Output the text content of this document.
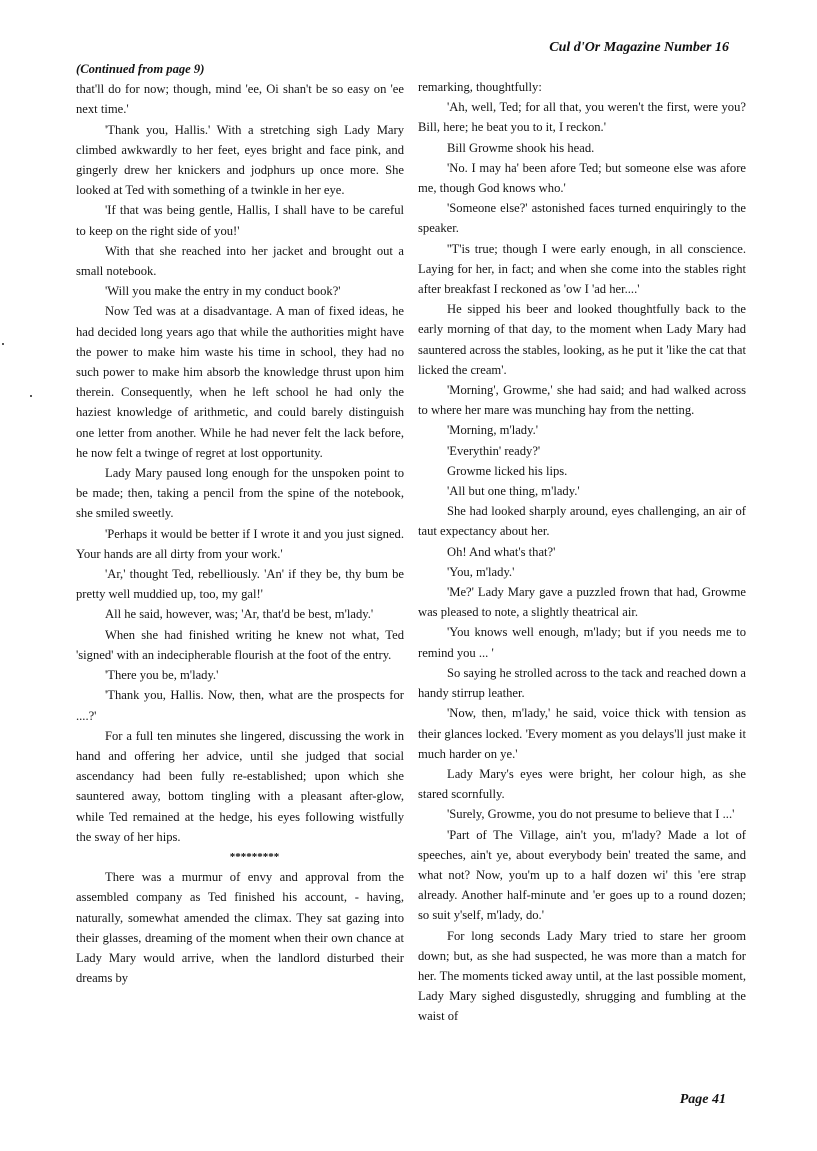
Cul d'Or Magazine Number 16
(Continued from page 9)

that'll do for now; though, mind 'ee, Oi shan't be so easy on 'ee next time.'

'Thank you, Hallis.' With a stretching sigh Lady Mary climbed awkwardly to her feet, eyes bright and face pink, and gingerly drew her knickers and jodphurs up once more. She looked at Ted with something of a twinkle in her eye.

'If that was being gentle, Hallis, I shall have to be careful to keep on the right side of you!'

With that she reached into her jacket and brought out a small notebook.

'Will you make the entry in my conduct book?'

Now Ted was at a disadvantage. A man of fixed ideas, he had decided long years ago that while the authorities might have the power to make him waste his time in school, they had no such power to make him absorb the knowledge thrust upon him therein. Consequently, when he left school he had only the haziest knowledge of arithmetic, and could barely distinguish one letter from another. While he had never felt the lack before, he now felt a twinge of regret at lost opportunity.

Lady Mary paused long enough for the unspoken point to be made; then, taking a pencil from the spine of the notebook, she smiled sweetly.

'Perhaps it would be better if I wrote it and you just signed. Your hands are all dirty from your work.'

'Ar,' thought Ted, rebelliously. 'An' if they be, thy bum be pretty well muddied up, too, my gal!'

All he said, however, was; 'Ar, that'd be best, m'lady.'

When she had finished writing he knew not what, Ted 'signed' with an indecipherable flourish at the foot of the entry.

'There you be, m'lady.'

'Thank you, Hallis. Now, then, what are the prospects for ....?'

For a full ten minutes she lingered, discussing the work in hand and offering her advice, until she judged that social ascendancy had been fully re-established; upon which she sauntered away, bottom tingling with a pleasant after-glow, while Ted remained at the hedge, his eyes following wistfully the sway of her hips.

*********

There was a murmur of envy and approval from the assembled company as Ted finished his account, - having, naturally, somewhat amended the climax. They sat gazing into their glasses, dreaming of the moment when their own chance at Lady Mary would arrive, when the landlord disturbed their dreams by

remarking, thoughtfully:

'Ah, well, Ted; for all that, you weren't the first, were you? Bill, here; he beat you to it, I reckon.'

Bill Growme shook his head.

'No. I may ha' been afore Ted; but someone else was afore me, though God knows who.'

'Someone else?' astonished faces turned enquiringly to the speaker.

''T'is true; though I were early enough, in all conscience. Laying for her, in fact; and when she come into the stables right after breakfast I reckoned as 'ow I 'ad her....'

He sipped his beer and looked thoughtfully back to the early morning of that day, to the moment when Lady Mary had sauntered across the stables, looking, as he put it 'like the cat that licked the cream'.

'Morning', Growme,' she had said; and had walked across to where her mare was munching hay from the netting.

'Morning, m'lady.'

'Everythin' ready?'

Growme licked his lips.

'All but one thing, m'lady.'

She had looked sharply around, eyes challenging, an air of taut expectancy about her.

Oh! And what's that?'

'You, m'lady.'

'Me?' Lady Mary gave a puzzled frown that had, Growme was pleased to note, a slightly theatrical air.

'You knows well enough, m'lady; but if you needs me to remind you ... '

So saying he strolled across to the tack and reached down a handy stirrup leather.

'Now, then, m'lady,' he said, voice thick with tension as their glances locked. 'Every moment as you delays'll just make it much harder on ye.'

Lady Mary's eyes were bright, her colour high, as she stared scornfully.

'Surely, Growme, you do not presume to believe that I ...'

'Part of The Village, ain't you, m'lady? Made a lot of speeches, ain't ye, about everybody bein' treated the same, and what not? Now, you'm up to a half dozen wi' this 'ere strap already. Another half-minute and 'er goes up to a round dozen; so suit y'self, m'lady, do.'

For long seconds Lady Mary tried to stare her groom down; but, as she had suspected, he was more than a match for her. The moments ticked away until, at the last possible moment, Lady Mary sighed disgustedly, shrugging and fumbling at the waist of

Page 41
